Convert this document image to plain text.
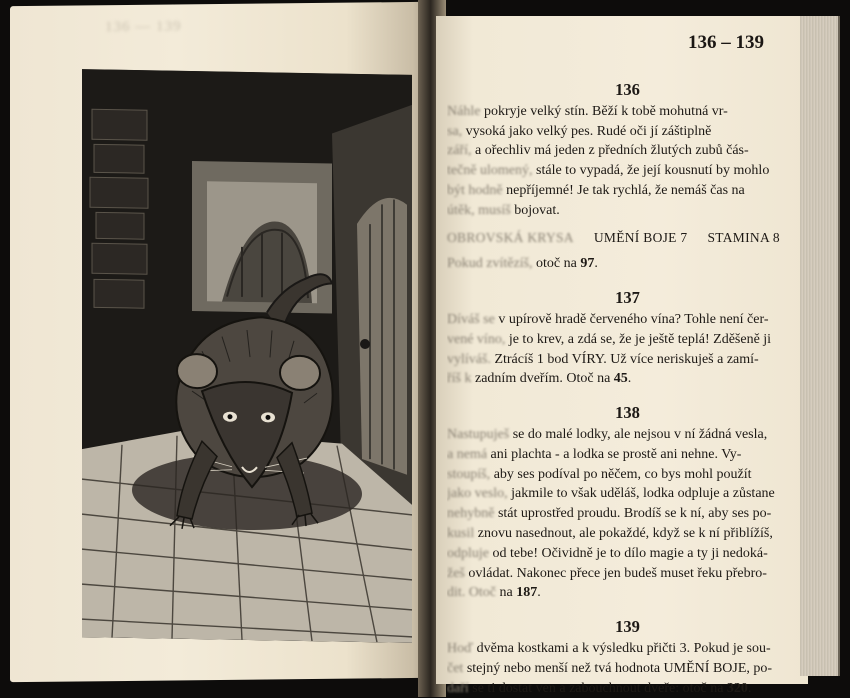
136 — 139
136 – 139
136
Náhle pokryje velký stín. Běží k tobě mohutná vr-
sa, vysoká jako velký pes. Rudé oči jí záštiplně
září, a ořechliv má jeden z předních žlutých zubů čás-
tečně ulomený, stále to vypadá, že její kousnutí by mohlo
být hodně nepříjemné! Je tak rychlá, že nemáš čas na
útěk, musíš bojovat.
OBROVSKÁ KRYSA UMĚNÍ BOJE 7 STAMINA 8
Pokud zvítězíš, otoč na 97.
137
Díváš se v upírově hradě červeného vína? Tohle není čer-
vené víno, je to krev, a zdá se, že je ještě teplá! Zděšeně ji
vylíváš. Ztrácíš 1 bod VÍRY. Už více neriskuješ a zamí-
říš k zadním dveřím. Otoč na 45.
138
Nastupuješ se do malé lodky, ale nejsou v ní žádná vesla,
a nemá ani plachta - a lodka se prostě ani nehne. Vy-
stoupíš, aby ses podíval po něčem, co bys mohl použít
jako veslo, jakmile to však uděláš, lodka odpluje a zůstane
nehybně stát uprostřed proudu. Brodíš se k ní, aby ses po-
kusil znovu nasednout, ale pokaždé, když se k ní přiblížíš,
odpluje od tebe! Očividně je to dílo magie a ty ji nedoká-
žeš ovládat. Nakonec přece jen budeš muset řeku přebro-
dit. Otoč na 187.
139
Hoď dvěma kostkami a k výsledku přičti 3. Pokud je sou-
čet stejný nebo menší než tvá hodnota UMĚNÍ BOJE, po-
daří se ti dostat ven a zabouchnout dveře: otoč na 320.
